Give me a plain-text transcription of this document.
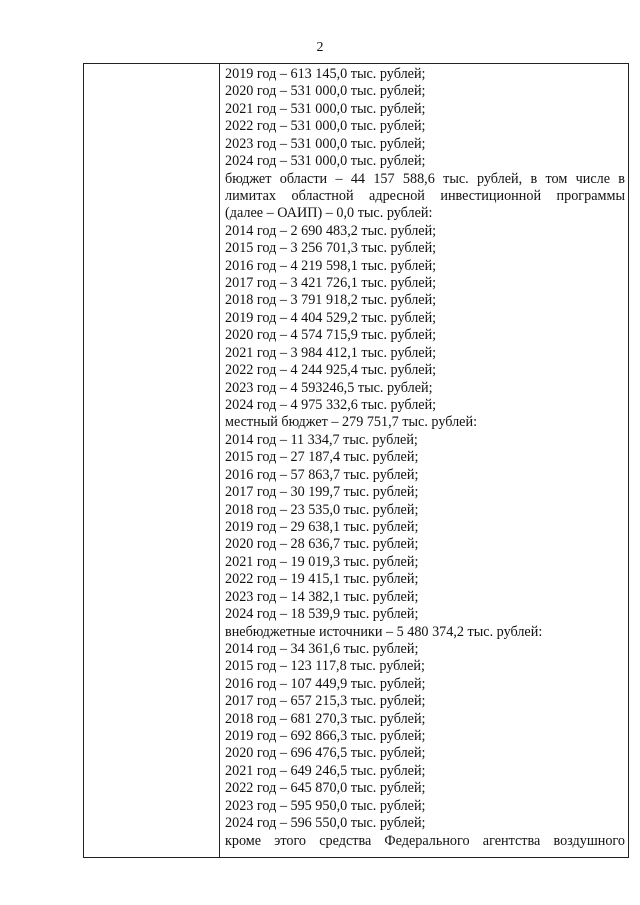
2
2019 год – 613 145,0 тыс. рублей;
2020 год – 531 000,0 тыс. рублей;
2021 год – 531 000,0 тыс. рублей;
2022 год – 531 000,0 тыс. рублей;
2023 год – 531 000,0 тыс. рублей;
2024 год – 531 000,0 тыс. рублей;
бюджет области – 44 157 588,6 тыс. рублей, в том числе в
лимитах областной адресной инвестиционной программы
(далее – ОАИП) – 0,0 тыс. рублей:
2014 год – 2 690 483,2 тыс. рублей;
2015 год – 3 256 701,3 тыс. рублей;
2016 год – 4 219 598,1 тыс. рублей;
2017 год – 3 421 726,1 тыс. рублей;
2018 год – 3 791 918,2 тыс. рублей;
2019 год – 4 404 529,2 тыс. рублей;
2020 год – 4 574 715,9 тыс. рублей;
2021 год – 3 984 412,1 тыс. рублей;
2022 год – 4 244 925,4 тыс. рублей;
2023 год – 4 593246,5 тыс. рублей;
2024 год – 4 975 332,6 тыс. рублей;
местный бюджет – 279 751,7 тыс. рублей:
2014 год – 11 334,7 тыс. рублей;
2015 год – 27 187,4 тыс. рублей;
2016 год – 57 863,7 тыс. рублей;
2017 год – 30 199,7 тыс. рублей;
2018 год – 23 535,0 тыс. рублей;
2019 год – 29 638,1 тыс. рублей;
2020 год – 28 636,7 тыс. рублей;
2021 год – 19 019,3 тыс. рублей;
2022 год – 19 415,1 тыс. рублей;
2023 год – 14 382,1 тыс. рублей;
2024 год – 18 539,9 тыс. рублей;
внебюджетные источники – 5 480 374,2 тыс. рублей:
2014 год – 34 361,6 тыс. рублей;
2015 год – 123 117,8 тыс. рублей;
2016 год – 107 449,9 тыс. рублей;
2017 год – 657 215,3 тыс. рублей;
2018 год – 681 270,3 тыс. рублей;
2019 год – 692 866,3 тыс. рублей;
2020 год – 696 476,5 тыс. рублей;
2021 год – 649 246,5 тыс. рублей;
2022 год – 645 870,0 тыс. рублей;
2023 год – 595 950,0 тыс. рублей;
2024 год – 596 550,0 тыс. рублей;
кроме этого средства Федерального агентства воздушного
